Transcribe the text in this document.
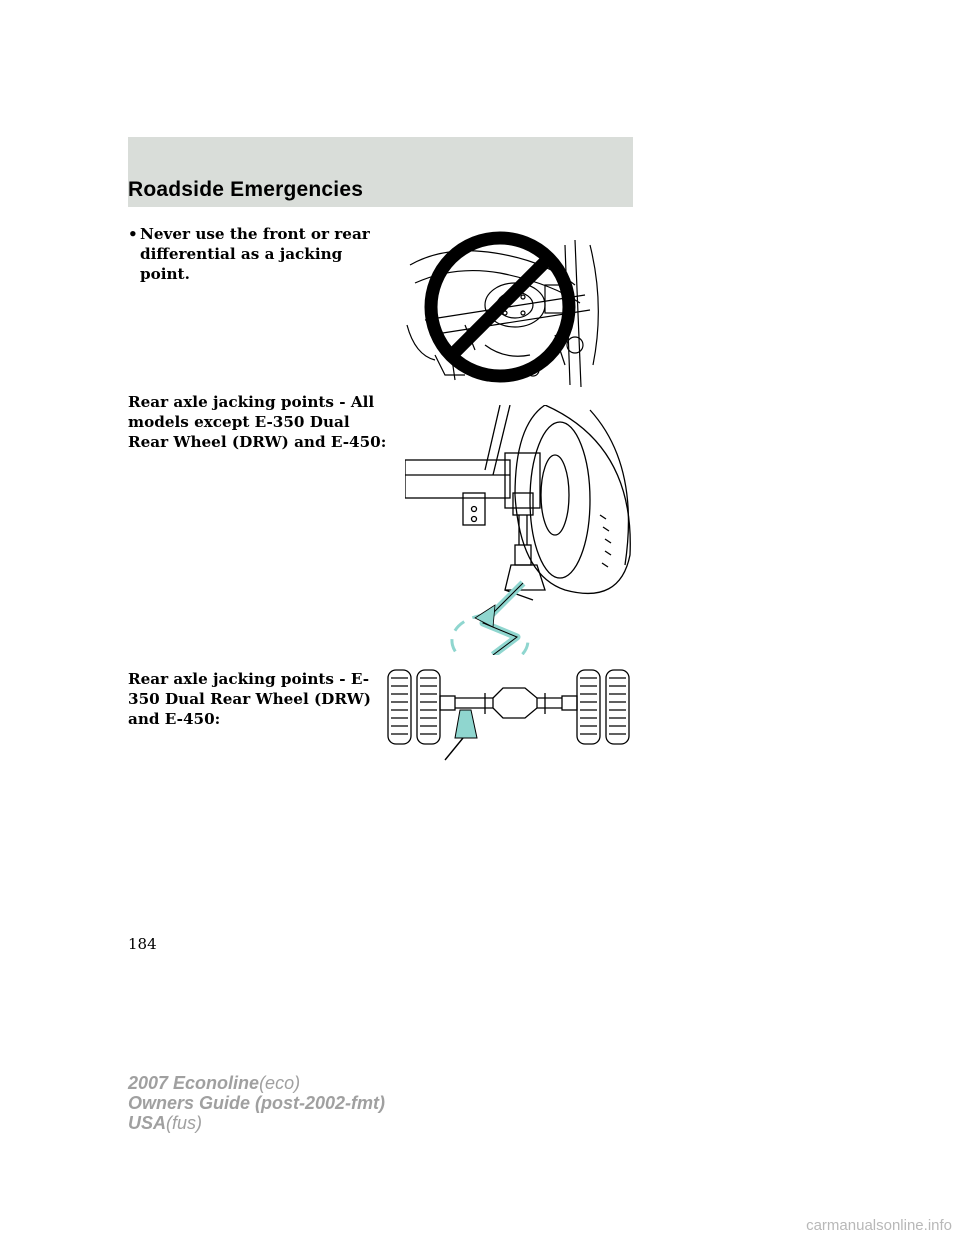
Roadside Emergencies
• Never use the front or rear differential as a jacking point.
Rear axle jacking points - All models except E-350 Dual Rear Wheel (DRW) and E-450:
Rear axle jacking points - E-350 Dual Rear Wheel (DRW) and E-450:
184
2007 Econoline(eco)
Owners Guide (post-2002-fmt)
USA(fus)
carmanualsonline.info
